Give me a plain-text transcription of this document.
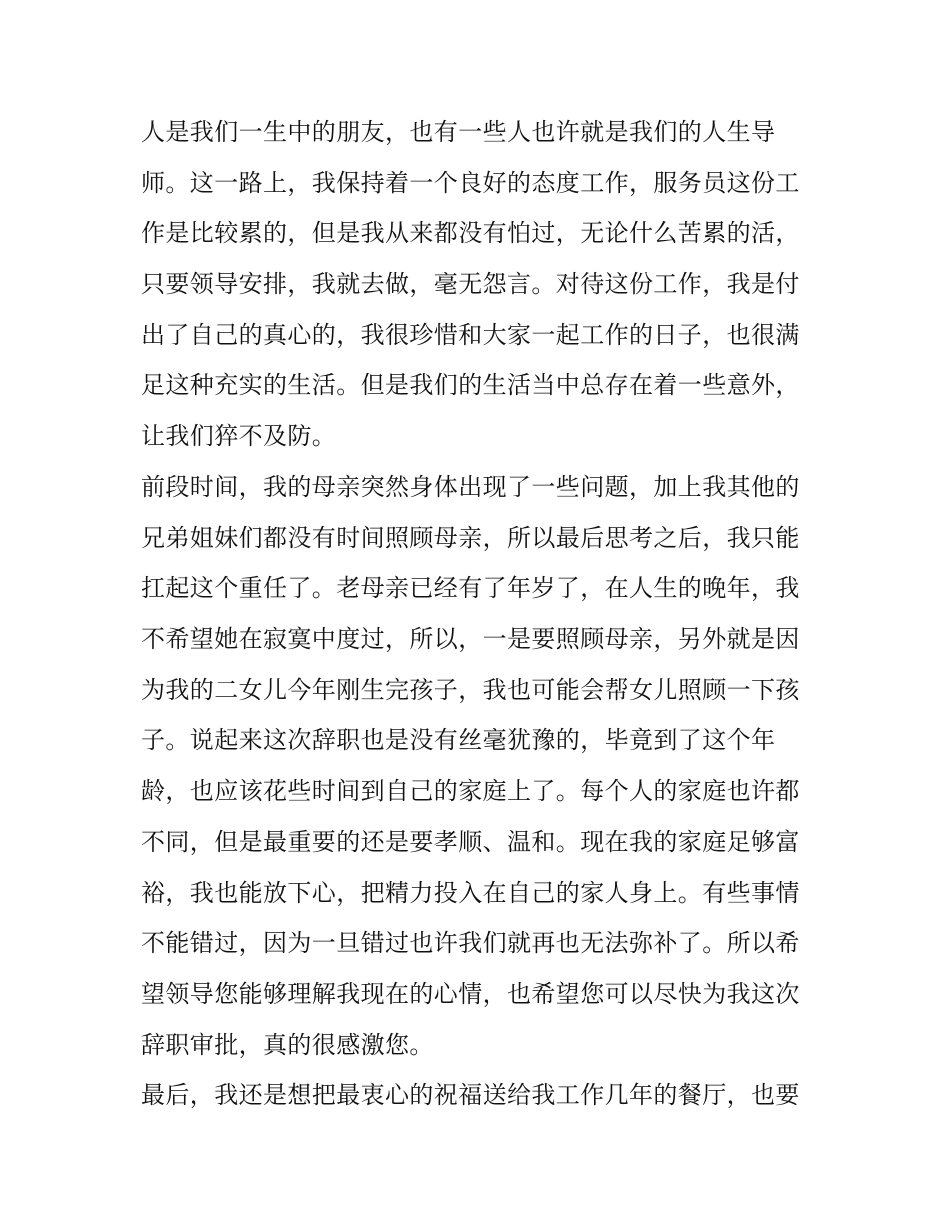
人是我们一生中的朋友，也有一些人也许就是我们的人生导
师。这一路上，我保持着一个良好的态度工作，服务员这份工
作是比较累的，但是我从来都没有怕过，无论什么苦累的活，
只要领导安排，我就去做，毫无怨言。对待这份工作，我是付
出了自己的真心的，我很珍惜和大家一起工作的日子，也很满
足这种充实的生活。但是我们的生活当中总存在着一些意外，
让我们猝不及防。
前段时间，我的母亲突然身体出现了一些问题，加上我其他的
兄弟姐妹们都没有时间照顾母亲，所以最后思考之后，我只能
扛起这个重任了。老母亲已经有了年岁了，在人生的晚年，我
不希望她在寂寞中度过，所以，一是要照顾母亲，另外就是因
为我的二女儿今年刚生完孩子，我也可能会帮女儿照顾一下孩
子。说起来这次辞职也是没有丝毫犹豫的，毕竟到了这个年
龄，也应该花些时间到自己的家庭上了。每个人的家庭也许都
不同，但是最重要的还是要孝顺、温和。现在我的家庭足够富
裕，我也能放下心，把精力投入在自己的家人身上。有些事情
不能错过，因为一旦错过也许我们就再也无法弥补了。所以希
望领导您能够理解我现在的心情，也希望您可以尽快为我这次
辞职审批，真的很感激您。
最后，我还是想把最衷心的祝福送给我工作几年的餐厅，也要
